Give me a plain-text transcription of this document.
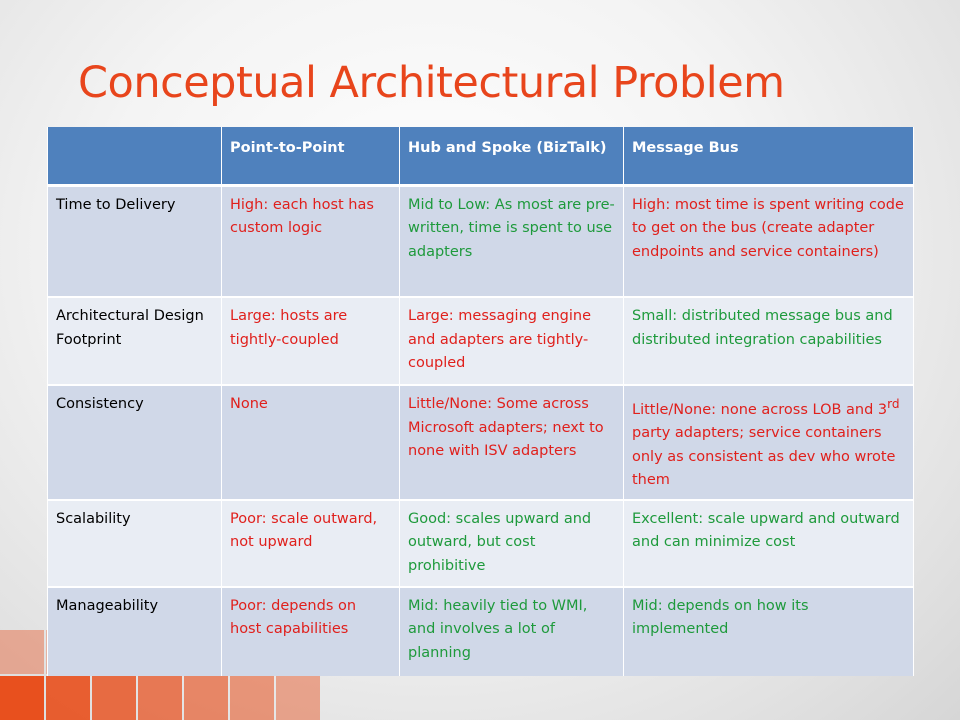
Conceptual Architectural Problem
	Point-to-Point	Hub and Spoke (BizTalk)	Message Bus
Time to Delivery	High: each host has custom logic	Mid to Low: As most are pre-written, time is spent to use adapters	High: most time is spent writing code to get on the bus (create adapter endpoints and service containers)
Architectural Design Footprint	Large: hosts are tightly-coupled	Large: messaging engine and adapters are tightly-coupled	Small: distributed message bus and distributed integration capabilities
Consistency	None	Little/None: Some across Microsoft adapters; next to none with ISV adapters	Little/None: none across LOB and 3rd party adapters; service containers only as consistent as dev who wrote them
Scalability	Poor: scale outward, not upward	Good: scales upward and outward, but cost prohibitive	Excellent: scale upward and outward and can minimize cost
Manageability	Poor: depends on host capabilities	Mid: heavily tied to WMI, and involves a lot of planning	Mid: depends on how its implemented
